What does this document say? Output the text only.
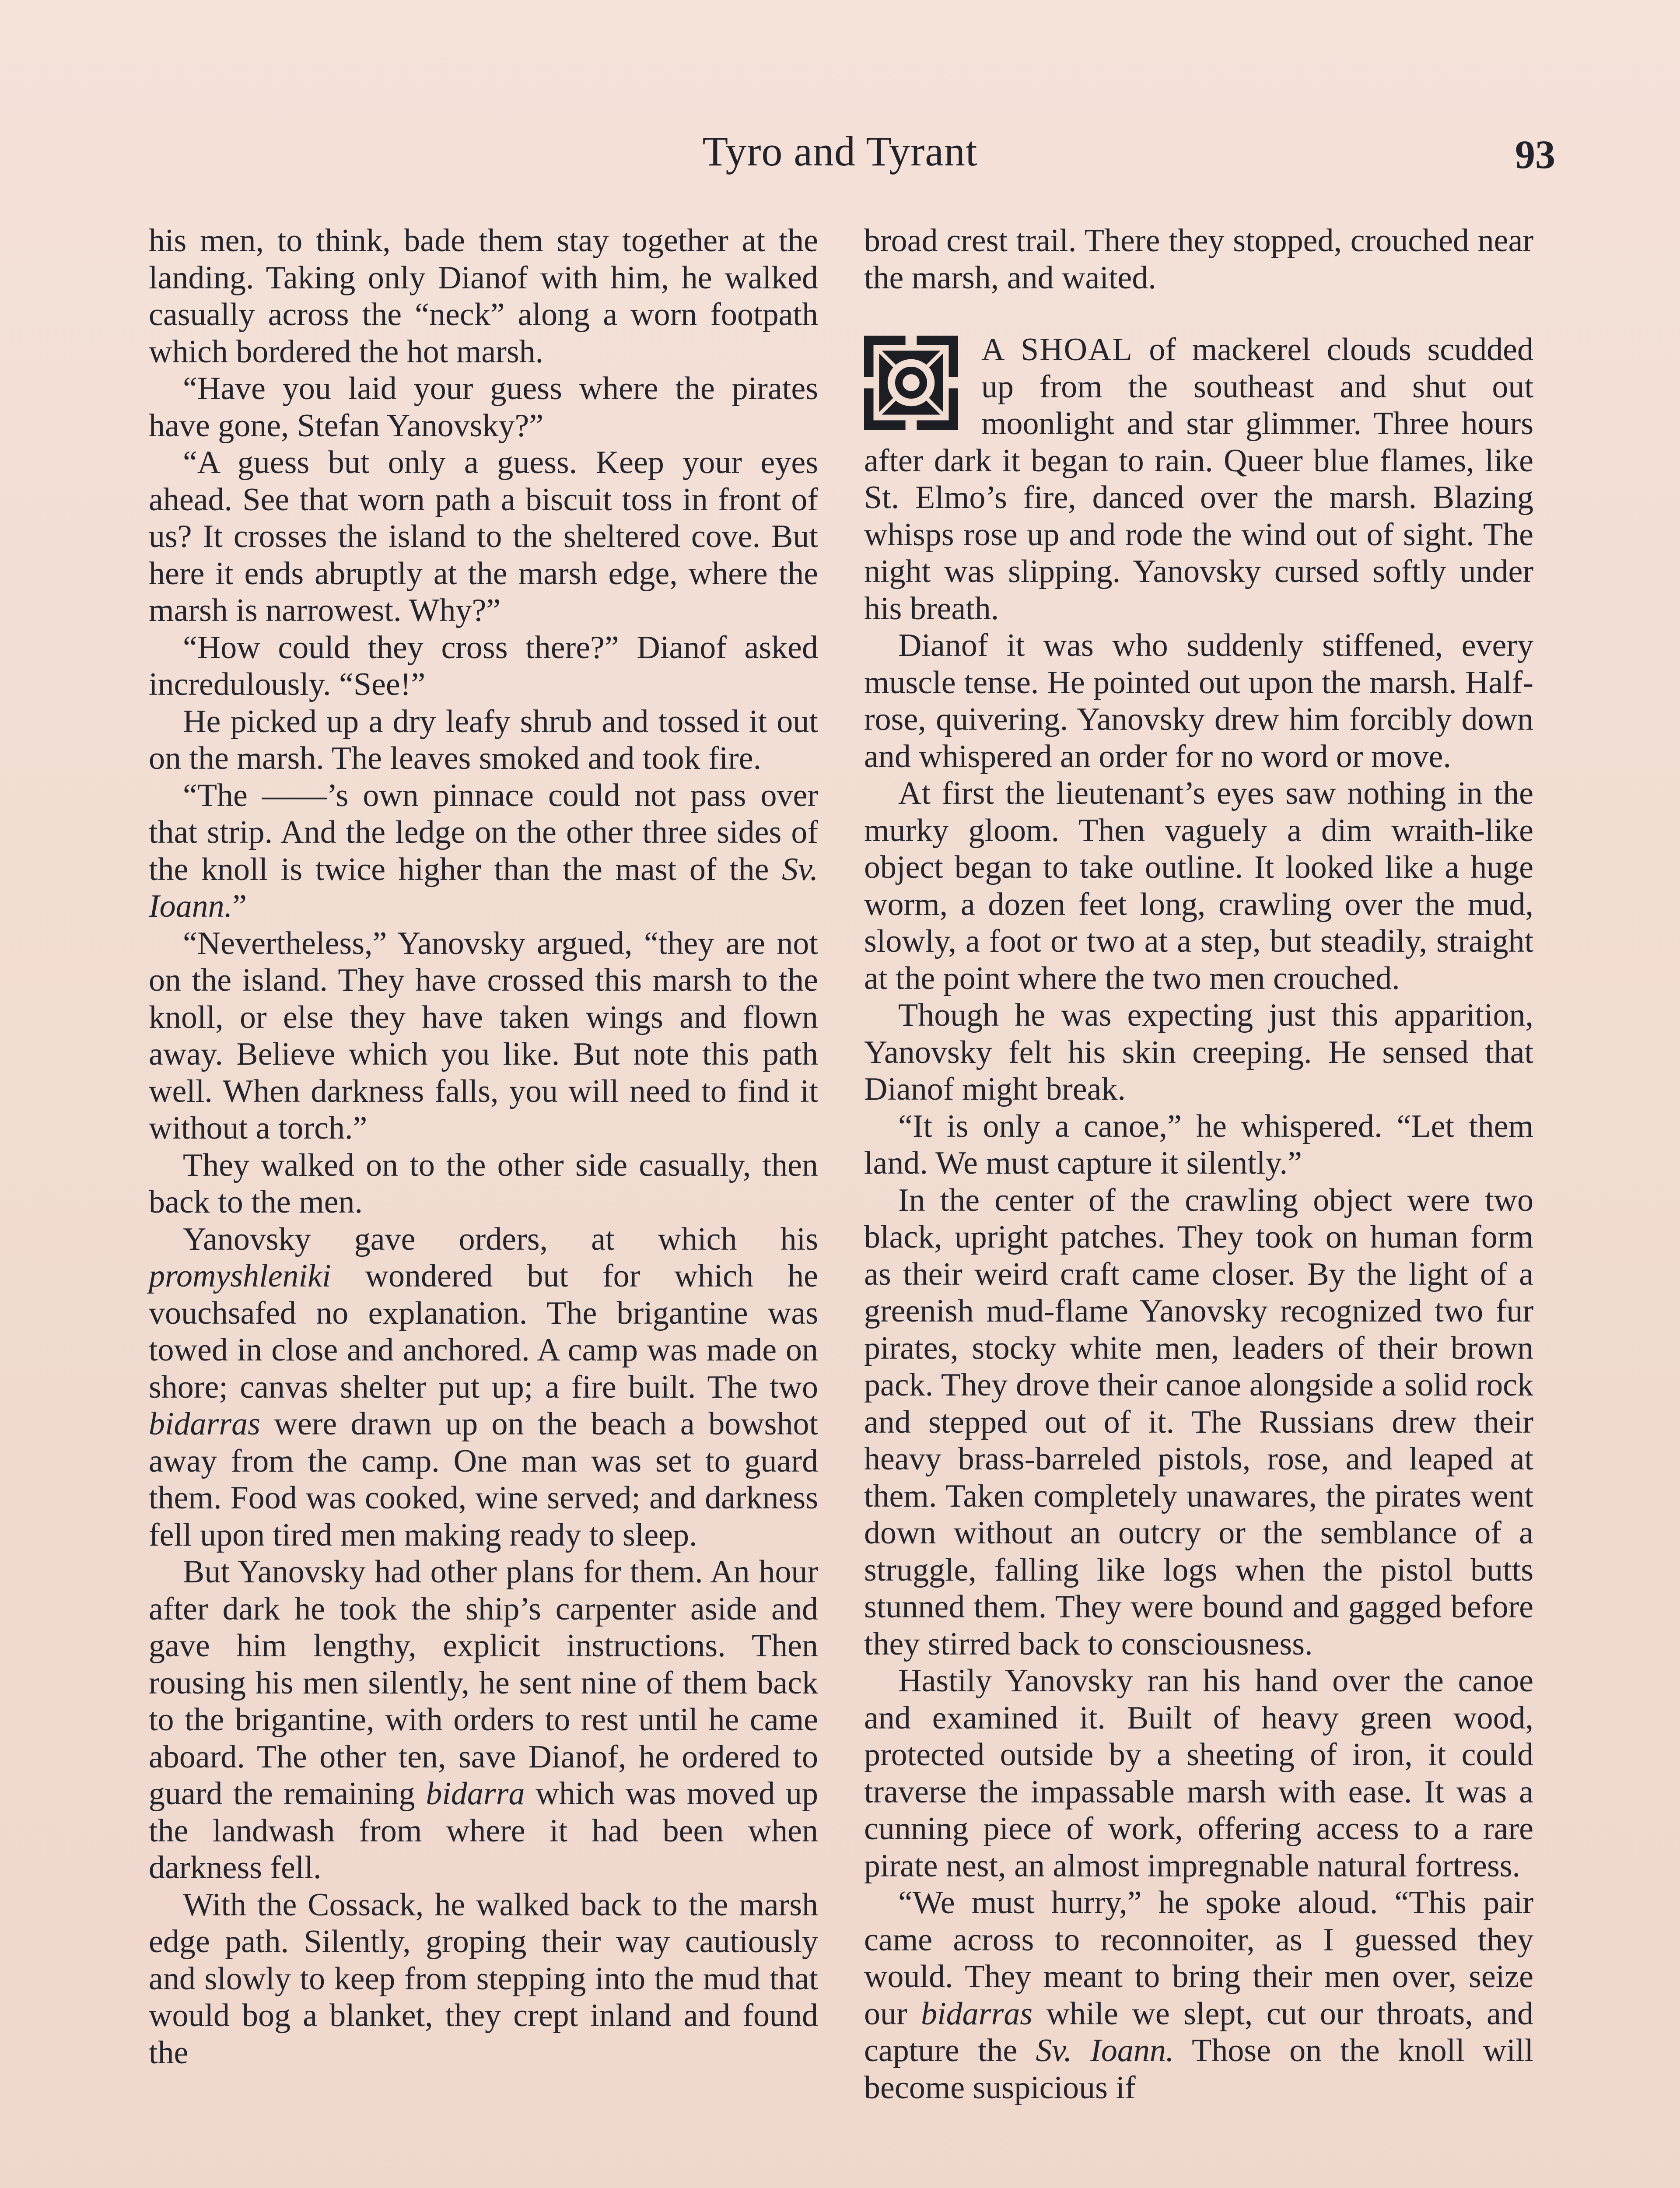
Tyro and Tyrant	93

his men, to think, bade them stay together at the landing. Taking only Dianof with him, he walked casually across the “neck” along a worn footpath which bordered the hot marsh.

“Have you laid your guess where the pirates have gone, Stefan Yanovsky?”

“A guess but only a guess. Keep your eyes ahead. See that worn path a biscuit toss in front of us? It crosses the island to the sheltered cove. But here it ends abruptly at the marsh edge, where the marsh is narrowest. Why?”

“How could they cross there?” Dianof asked incredulously. “See!”

He picked up a dry leafy shrub and tossed it out on the marsh. The leaves smoked and took fire.

“The ——’s own pinnace could not pass over that strip. And the ledge on the other three sides of the knoll is twice higher than the mast of the Sv. Ioann.”

“Nevertheless,” Yanovsky argued, “they are not on the island. They have crossed this marsh to the knoll, or else they have taken wings and flown away. Believe which you like. But note this path well. When darkness falls, you will need to find it without a torch.”

They walked on to the other side casually, then back to the men.

Yanovsky gave orders, at which his promyshleniki wondered but for which he vouchsafed no explanation. The brigantine was towed in close and anchored. A camp was made on shore; canvas shelter put up; a fire built. The two bidarras were drawn up on the beach a bowshot away from the camp. One man was set to guard them. Food was cooked, wine served; and darkness fell upon tired men making ready to sleep.

But Yanovsky had other plans for them. An hour after dark he took the ship’s carpenter aside and gave him lengthy, explicit instructions. Then rousing his men silently, he sent nine of them back to the brigantine, with orders to rest until he came aboard. The other ten, save Dianof, he ordered to guard the remaining bidarra which was moved up the landwash from where it had been when darkness fell.

With the Cossack, he walked back to the marsh edge path. Silently, groping their way cautiously and slowly to keep from stepping into the mud that would bog a blanket, they crept inland and found the

broad crest trail. There they stopped, crouched near the marsh, and waited.

A SHOAL of mackerel clouds scudded up from the southeast and shut out moonlight and star glimmer. Three hours after dark it began to rain. Queer blue flames, like St. Elmo’s fire, danced over the marsh. Blazing whisps rose up and rode the wind out of sight. The night was slipping. Yanovsky cursed softly under his breath.

Dianof it was who suddenly stiffened, every muscle tense. He pointed out upon the marsh. Half-rose, quivering. Yanovsky drew him forcibly down and whispered an order for no word or move.

At first the lieutenant’s eyes saw nothing in the murky gloom. Then vaguely a dim wraith-like object began to take outline. It looked like a huge worm, a dozen feet long, crawling over the mud, slowly, a foot or two at a step, but steadily, straight at the point where the two men crouched.

Though he was expecting just this apparition, Yanovsky felt his skin creeping. He sensed that Dianof might break.

“It is only a canoe,” he whispered. “Let them land. We must capture it silently.”

In the center of the crawling object were two black, upright patches. They took on human form as their weird craft came closer. By the light of a greenish mud-flame Yanovsky recognized two fur pirates, stocky white men, leaders of their brown pack. They drove their canoe alongside a solid rock and stepped out of it. The Russians drew their heavy brass-barreled pistols, rose, and leaped at them. Taken completely unawares, the pirates went down without an outcry or the semblance of a struggle, falling like logs when the pistol butts stunned them. They were bound and gagged before they stirred back to consciousness.

Hastily Yanovsky ran his hand over the canoe and examined it. Built of heavy green wood, protected outside by a sheeting of iron, it could traverse the impassable marsh with ease. It was a cunning piece of work, offering access to a rare pirate nest, an almost impregnable natural fortress.

“We must hurry,” he spoke aloud. “This pair came across to reconnoiter, as I guessed they would. They meant to bring their men over, seize our bidarras while we slept, cut our throats, and capture the Sv. Ioann. Those on the knoll will become suspicious if
